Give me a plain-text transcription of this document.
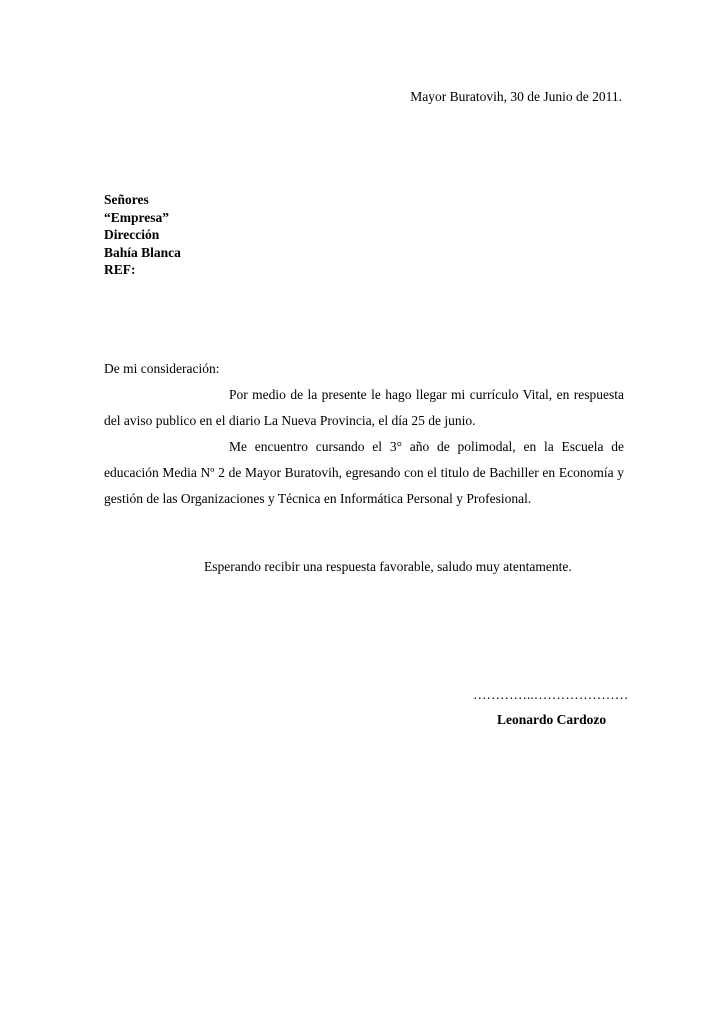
Mayor Buratovih, 30 de Junio de 2011.
Señores
“Empresa”
Dirección
Bahía Blanca
REF:
De mi consideración:

Por medio de la presente le hago llegar mi currículo Vital, en respuesta del aviso publico en el diario La Nueva Provincia, el día 25 de junio.

Me encuentro cursando el 3° año de polimodal, en la Escuela de educación Media Nº 2 de Mayor Buratovih, egresando con el titulo de Bachiller en Economía y gestión de las Organizaciones y Técnica en Informática Personal y Profesional.

Esperando recibir una respuesta favorable, saludo muy atentamente.
…………..…………………
Leonardo Cardozo
